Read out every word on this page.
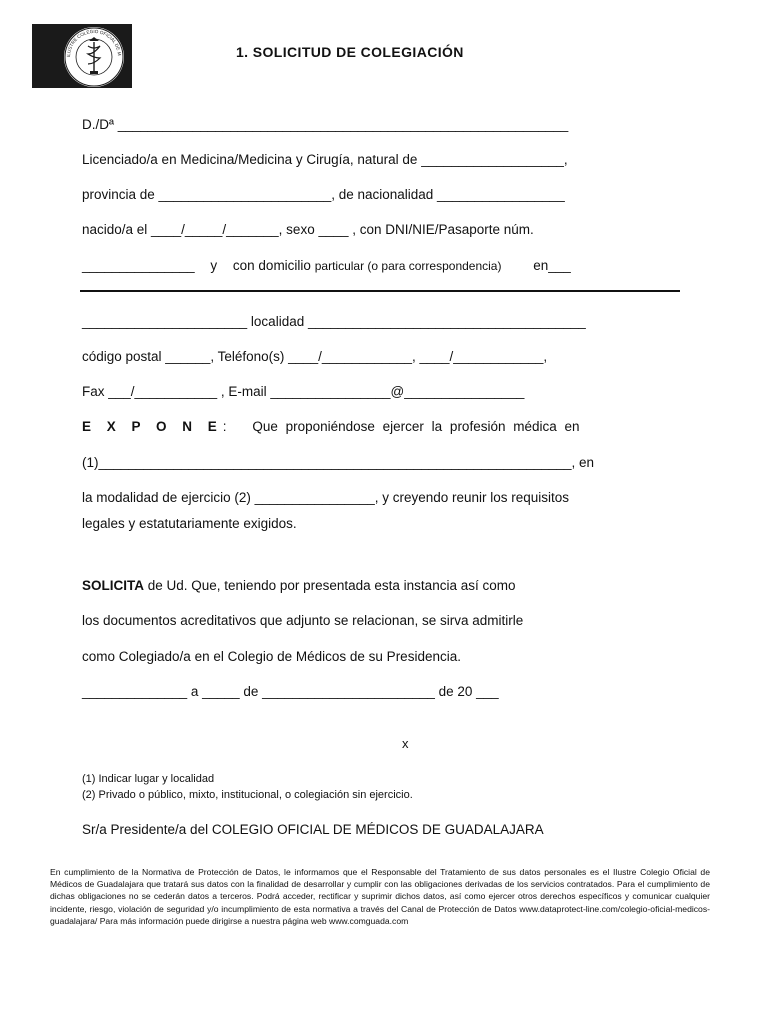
ILUSTRE COLEGIO OFICIAL DE M	1. SOLICITUD DE COLEGIACIÓN
D./Dª ____________________________________________________________
Licenciado/a en Medicina/Medicina y Cirugía, natural de ___________________,
provincia de _______________________, de nacionalidad _________________
nacido/a el ____/_____/_______, sexo ____ , con DNI/NIE/Pasaporte núm.
_______________ y con domicilio particular (o para correspondencia) en___
______________________ localidad _____________________________________
código postal ______, Teléfono(s) ____/____________, ____/____________,
Fax ___/___________ , E-mail ________________@________________
E X P O N E: Que proponiéndose ejercer la profesión médica en
(1)_______________________________________________________________, en
la modalidad de ejercicio (2) ________________, y creyendo reunir los requisitos
legales y estatutariamente exigidos.
SOLICITA de Ud. Que, teniendo por presentada esta instancia así como
los documentos acreditativos que adjunto se relacionan, se sirva admitirle
como Colegiado/a en el Colegio de Médicos de su Presidencia.
______________ a _____ de _______________________ de 20 ___
x
(1) Indicar lugar y localidad
(2) Privado o público, mixto, institucional, o colegiación sin ejercicio.
Sr/a Presidente/a del COLEGIO OFICIAL DE MÉDICOS DE GUADALAJARA
En cumplimiento de la Normativa de Protección de Datos, le informamos que el Responsable del Tratamiento de sus datos personales es el Ilustre Colegio Oficial de Médicos de Guadalajara que tratará sus datos con la finalidad de desarrollar y cumplir con las obligaciones derivadas de los servicios contratados. Para el cumplimiento de dichas obligaciones no se cederán datos a terceros. Podrá acceder, rectificar y suprimir dichos datos, así como ejercer otros derechos específicos y comunicar cualquier incidente, riesgo, violación de seguridad y/o incumplimiento de esta normativa a través del Canal de Protección de Datos www.dataprotect-line.com/colegio-oficial-medicos-guadalajara/ Para más información puede dirigirse a nuestra página web www.comguada.com
